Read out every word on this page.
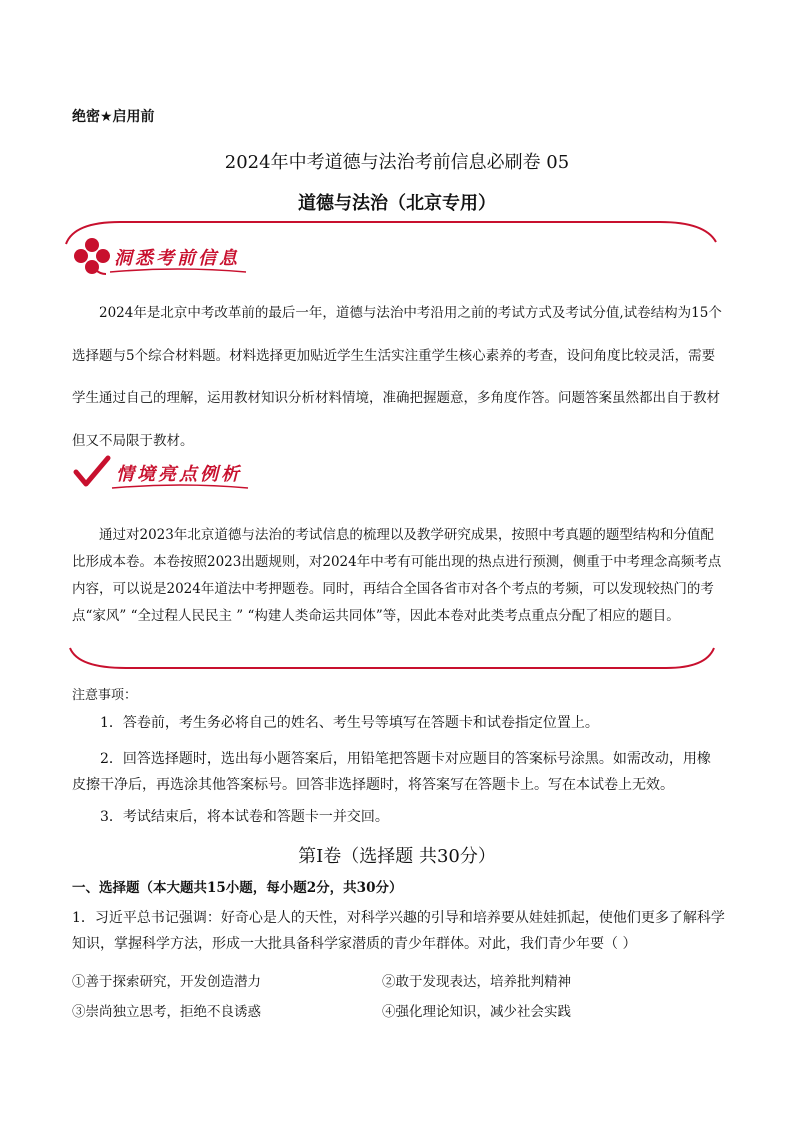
绝密★启用前
2024年中考道德与法治考前信息必刷卷 05
道德与法治（北京专用）
洞悉考前信息
2024年是北京中考改革前的最后一年，道德与法治中考沿用之前的考试方式及考试分值,试卷结构为15个选择题与5个综合材料题。材料选择更加贴近学生生活实注重学生核心素养的考查，设问角度比较灵活，需要学生通过自己的理解，运用教材知识分析材料情境，准确把握题意，多角度作答。问题答案虽然都出自于教材但又不局限于教材。
情境亮点例析
通过对2023年北京道德与法治的考试信息的梳理以及教学研究成果，按照中考真题的题型结构和分值配比形成本卷。本卷按照2023出题规则，对2024年中考有可能出现的热点进行预测，侧重于中考理念高频考点内容，可以说是2024年道法中考押题卷。同时，再结合全国各省市对各个考点的考频，可以发现较热门的考点“家风” “全过程人民民主 ” “构建人类命运共同体”等，因此本卷对此类考点重点分配了相应的题目。
注意事项：
1．答卷前，考生务必将自己的姓名、考生号等填写在答题卡和试卷指定位置上。
2．回答选择题时，选出每小题答案后，用铅笔把答题卡对应题目的答案标号涂黑。如需改动，用橡皮擦干净后，再选涂其他答案标号。回答非选择题时，将答案写在答题卡上。写在本试卷上无效。
3．考试结束后，将本试卷和答题卡一并交回。
第Ⅰ卷（选择题 共30分）
一、选择题（本大题共15小题，每小题2分，共30分）
1．习近平总书记强调：好奇心是人的天性，对科学兴趣的引导和培养要从娃娃抓起，使他们更多了解科学知识，掌握科学方法，形成一大批具备科学家潜质的青少年群体。对此，我们青少年要（ ）
①善于探索研究，开发创造潜力	②敢于发现表达，培养批判精神
③崇尚独立思考，拒绝不良诱惑	④强化理论知识，减少社会实践
